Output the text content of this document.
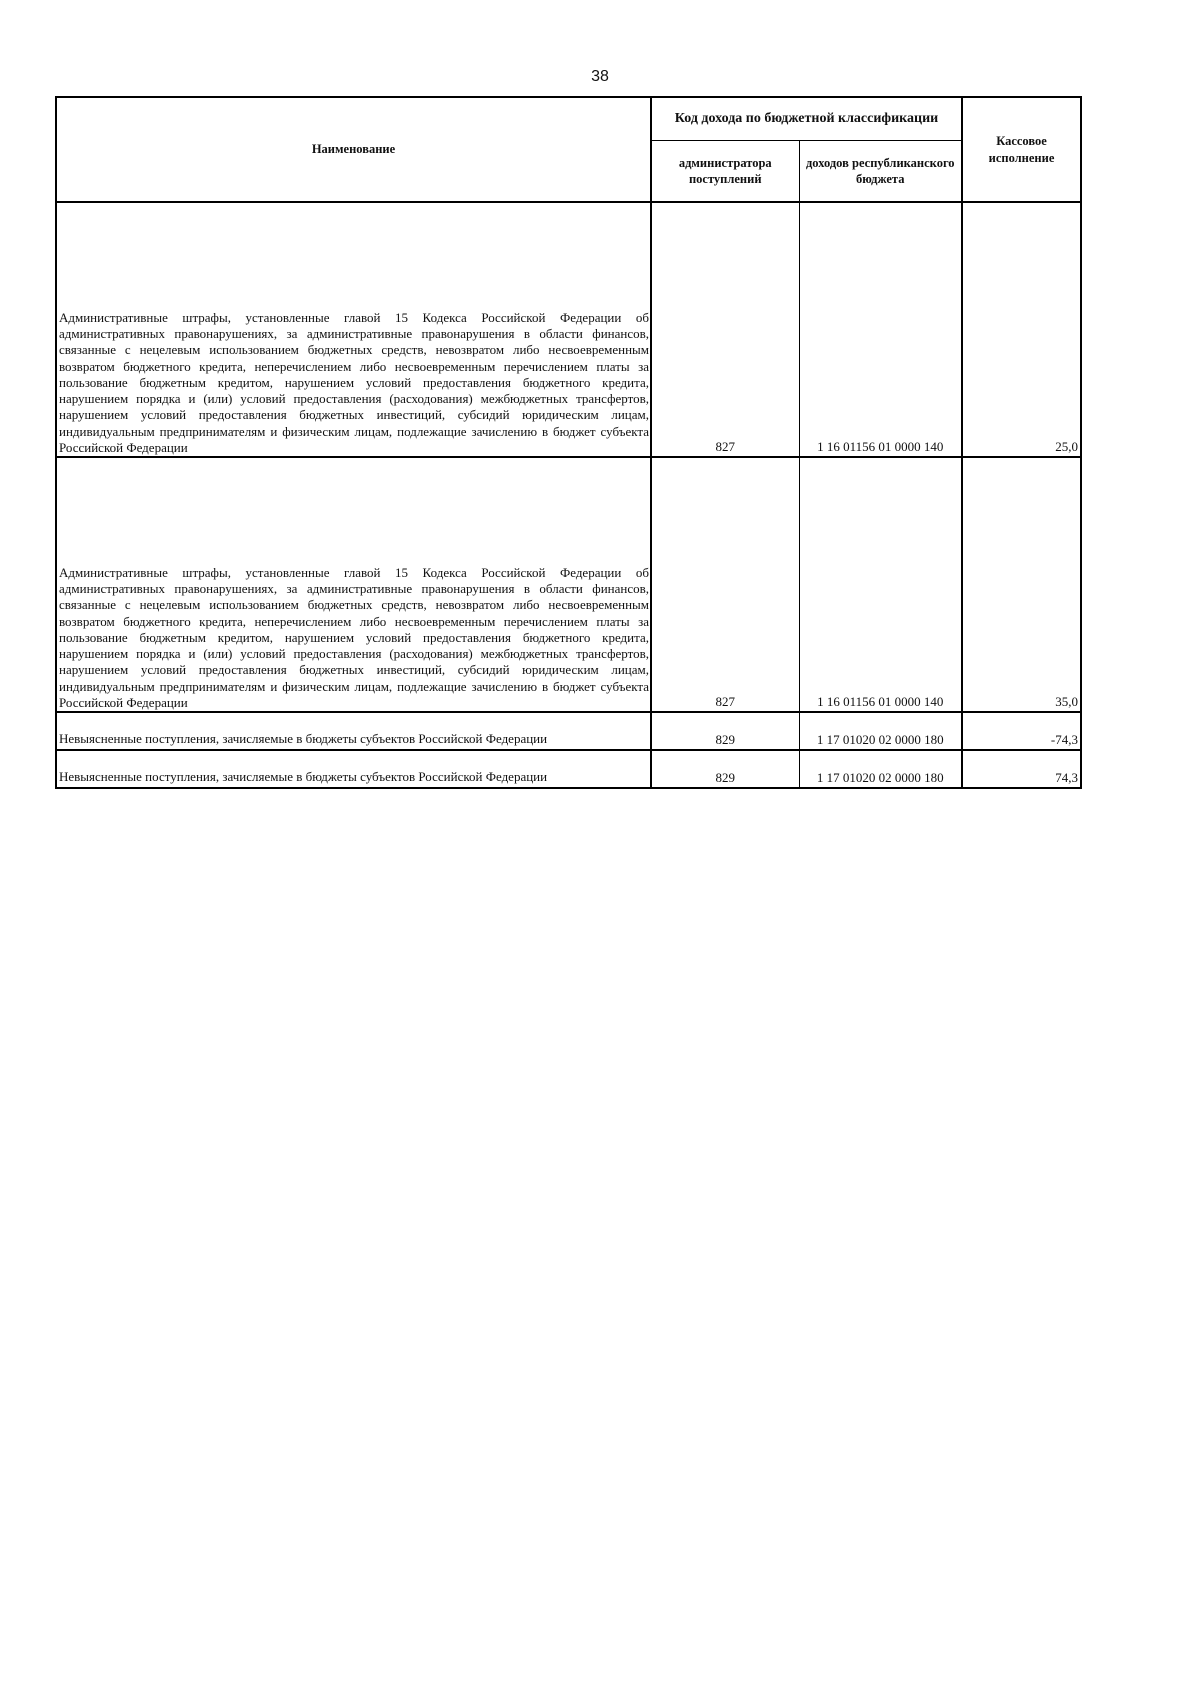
38
Наименование	Код дохода по бюджетной классификации		Кассовое исполнение
	администратора поступлений	доходов республиканского бюджета	
Административные штрафы, установленные главой 15 Кодекса Российской Федерации об административных правонарушениях, за административные правонарушения в области финансов, связанные с нецелевым использованием бюджетных средств, невозвратом либо несвоевременным возвратом бюджетного кредита, неперечислением либо несвоевременным перечислением платы за пользование бюджетным кредитом, нарушением условий предоставления бюджетного кредита, нарушением порядка и (или) условий предоставления (расходования) межбюджетных трансфертов, нарушением условий предоставления бюджетных инвестиций, субсидий юридическим лицам, индивидуальным предпринимателям и физическим лицам, подлежащие зачислению в бюджет субъекта Российской Федерации	827	1 16 01156 01 0000 140	25,0
Административные штрафы, установленные главой 15 Кодекса Российской Федерации об административных правонарушениях, за административные правонарушения в области финансов, связанные с нецелевым использованием бюджетных средств, невозвратом либо несвоевременным возвратом бюджетного кредита, неперечислением либо несвоевременным перечислением платы за пользование бюджетным кредитом, нарушением условий предоставления бюджетного кредита, нарушением порядка и (или) условий предоставления (расходования) межбюджетных трансфертов, нарушением условий предоставления бюджетных инвестиций, субсидий юридическим лицам, индивидуальным предпринимателям и физическим лицам, подлежащие зачислению в бюджет субъекта Российской Федерации	827	1 16 01156 01 0000 140	35,0
Невыясненные поступления, зачисляемые в бюджеты субъектов Российской Федерации	829	1 17 01020 02 0000 180	-74,3
Невыясненные поступления, зачисляемые в бюджеты субъектов Российской Федерации	829	1 17 01020 02 0000 180	74,3
